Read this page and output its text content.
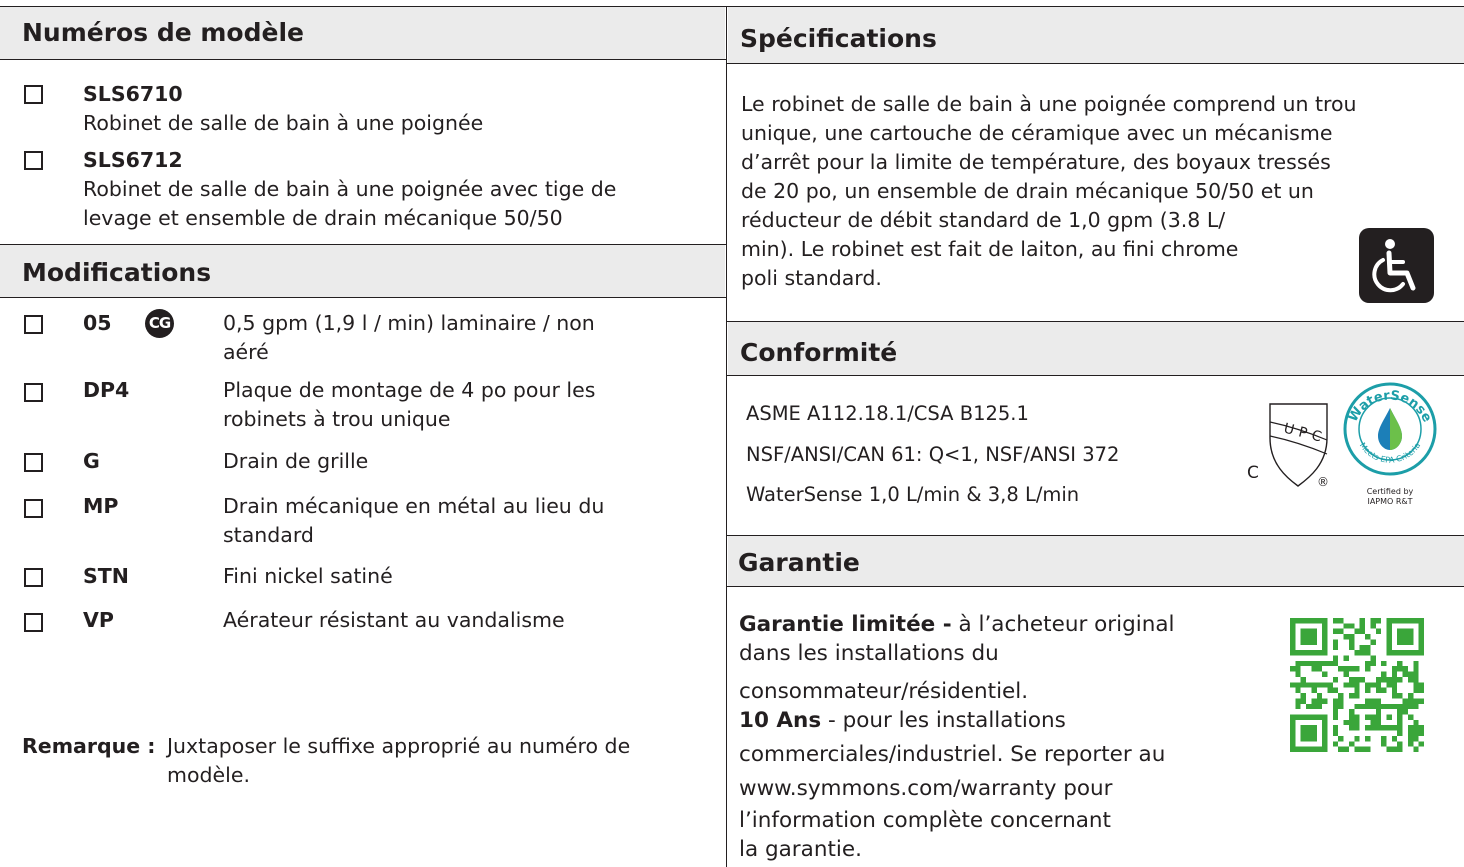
Numéros de modèle
SLS6710
Robinet de salle de bain à une poignée
SLS6712
Robinet de salle de bain à une poignée avec tige de
levage et ensemble de drain mécanique 50/50
Modifications
05 CG	0,5 gpm (1,9 l / min) laminaire / non
aéré
DP4	Plaque de montage de 4 po pour les
robinets à trou unique
G	Drain de grille
MP	Drain mécanique en métal au lieu du
standard
STN	Fini nickel satiné
VP	Aérateur résistant au vandalisme
Remarque : Juxtaposer le suffixe approprié au numéro de
modèle.
Spécifications
Le robinet de salle de bain à une poignée comprend un trou
unique, une cartouche de céramique avec un mécanisme
d’arrêt pour la limite de température, des boyaux tressés
de 20 po, un ensemble de drain mécanique 50/50 et un
réducteur de débit standard de 1,0 gpm (3.8 L/
min). Le robinet est fait de laiton, au fini chrome
poli standard.
Conformité
ASME A112.18.1/CSA B125.1
NSF/ANSI/CAN 61: Q<1, NSF/ANSI 372
WaterSense 1,0 L/min & 3,8 L/min
UPC
C	®
WaterSense
Meets EPA Criteria
Certified by
IAPMO R&T
Garantie
Garantie limitée - à l’acheteur original
dans les installations du
consommateur/résidentiel.
10 Ans - pour les installations
commerciales/industriel. Se reporter au
www.symmons.com/warranty pour
l’information complète concernant
la garantie.
